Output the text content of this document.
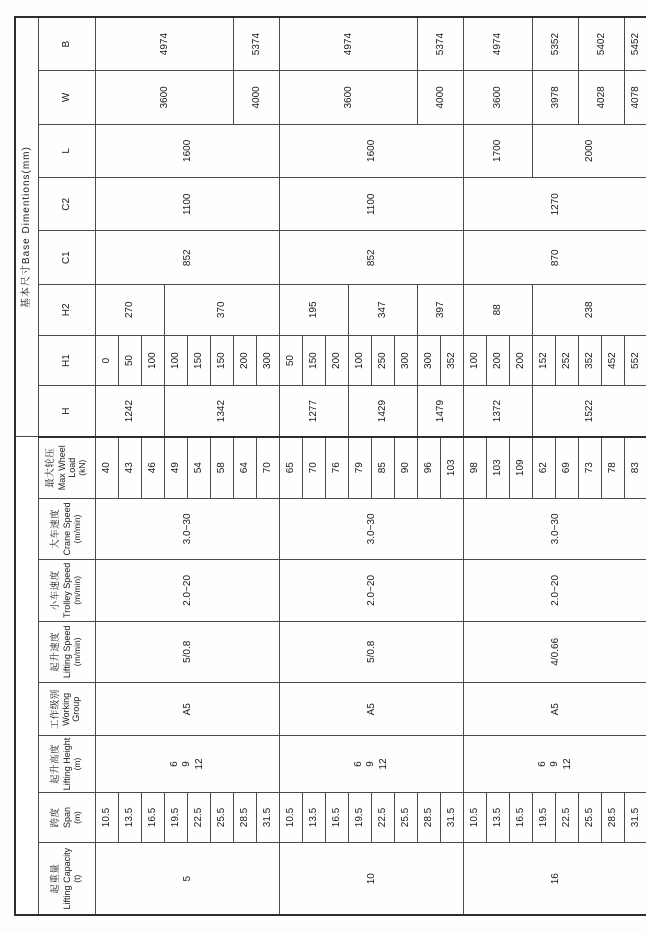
								基本尺寸Base Dimentions(mm)							

起重量 Lifting Capacity (t)	跨度 Span (m)	起升高度 Lifting Height (m)	工作级别 Working Group	起升速度 Lifting Speed (m/min)	小车速度 Trolley Speed (m/min)	大车速度 Crane Speed (m/min)	最大轮压 Max Wheel Load (kN)	H	H1	H2	C1	C2	L	W	B
5	10.5	6 9 12	A5	5/0.8	2.0~20	3.0~30	40	1242	0	270	852	1100	1600	3600	4974
	13.5						43		50						
	16.5						46		100						
	19.5						49	1342	100	370					
	22.5						54		150						
	25.5						58		150						
	28.5						64		200					4000	5374
	31.5						70		300						
10	10.5	6 9 12	A5	5/0.8	2.0~20	3.0~30	65	1277	50	195	852	1100	1600	3600	4974
	13.5						70		150						
	16.5						76		200						
	19.5						79	1429	100	347					
	22.5						85		250						
	25.5						90		300						
	28.5						96	1479	300	397				4000	5374
	31.5						103		352						
16	10.5	6 9 12	A5	4/0.66	2.0~20	3.0~30	98	1372	100	88	870	1270	1700	3600	4974
	13.5						103		200						
	16.5						109		200						
	19.5						62	1522	152	238			2000	3978	5352
	22.5						69		252						
	25.5						73		352					4028	5402
	28.5						78		452						
	31.5						83		552					4078	5452
